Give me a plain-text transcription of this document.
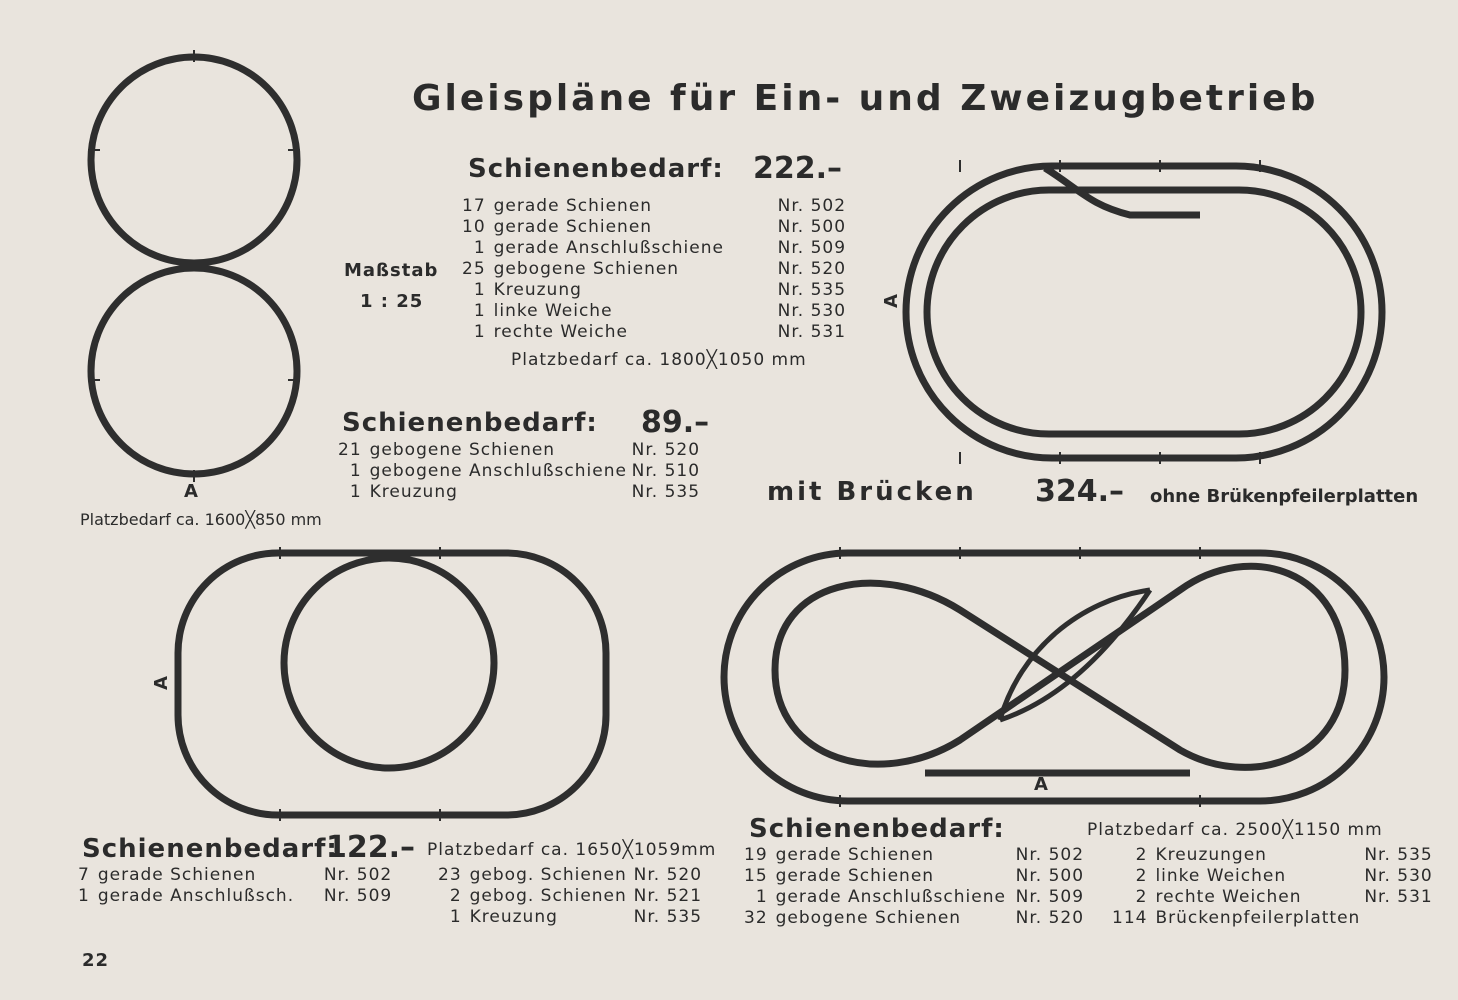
A
A
A
A
Gleispläne für Ein- und Zweizugbetrieb
Maßstab
1 : 25
Schienenbedarf: 222.–
17	gerade Schienen	Nr. 502
10	gerade Schienen	Nr. 500
1	gerade Anschlußschiene	Nr. 509
25	gebogene Schienen	Nr. 520
1	Kreuzung	Nr. 535
1	linke Weiche	Nr. 530
1	rechte Weiche	Nr. 531
Platzbedarf ca. 1800╳1050 mm
Schienenbedarf: 89.–
21	gebogene Schienen	Nr. 520
1	gebogene Anschlußschiene	Nr. 510
1	Kreuzung	Nr. 535
Platzbedarf ca. 1600╳850 mm
mit Brücken 324.– ohne Brükenpfeilerplatten
Schienenbedarf:
122.– Platzbedarf ca. 1650╳1059mm
7	gerade Schienen	Nr. 502
1	gerade Anschlußsch.	Nr. 509
23	gebog. Schienen	Nr. 520
2	gebog. Schienen	Nr. 521
1	Kreuzung	Nr. 535
Schienenbedarf:	Platzbedarf ca. 2500╳1150 mm
19	gerade Schienen	Nr. 502
15	gerade Schienen	Nr. 500
1	gerade Anschlußschiene	Nr. 509
32	gebogene Schienen	Nr. 520
2	Kreuzungen	Nr. 535
2	linke Weichen	Nr. 530
2	rechte Weichen	Nr. 531
114	Brückenpfeilerplatten	
22
